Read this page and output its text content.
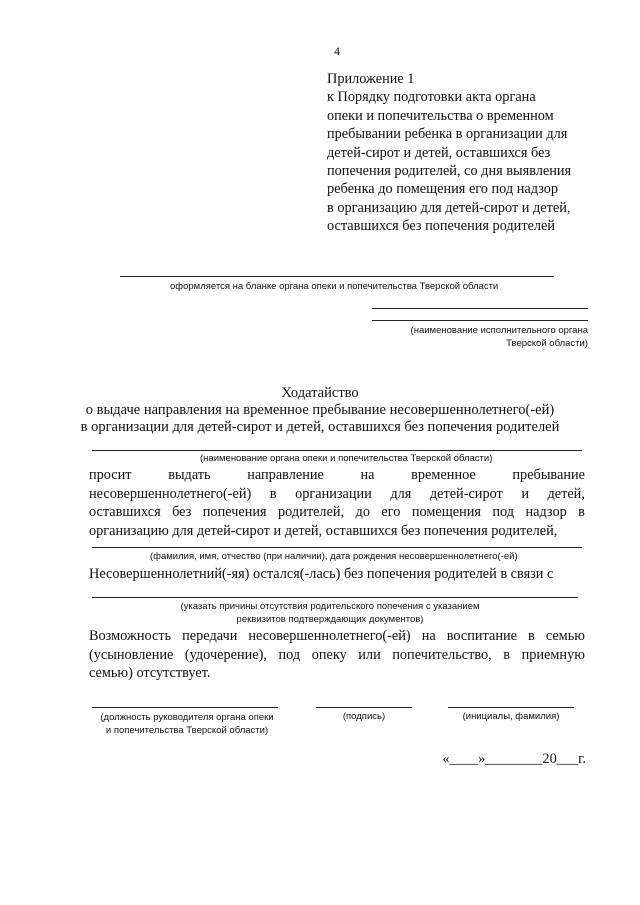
4
Приложение 1
к Порядку подготовки акта органа
опеки и попечительства о временном
пребывании ребенка в организации для
детей-сирот и детей, оставшихся без
попечения родителей, со дня выявления
ребенка до помещения его под надзор
в организацию для детей-сирот и детей,
оставшихся без попечения родителей
оформляется на бланке органа опеки и попечительства Тверской области
(наименование исполнительного органа
Тверской области)
Ходатайство
о выдаче направления на временное пребывание несовершеннолетнего(-ей)
в организации для детей-сирот и детей, оставшихся без попечения родителей
(наименование органа опеки и попечительства Тверской области)
просит	выдать	направление	на	временное	пребывание
несовершеннолетнего(-ей) в организации для детей-сирот и детей,
оставшихся без попечения родителей, до его помещения под надзор в
организацию для детей-сирот и детей, оставшихся без попечения родителей,
(фамилия, имя, отчество (при наличии), дата рождения несовершеннолетнего(-ей)
Несовершеннолетний(-яя) остался(-лась) без попечения родителей в связи с
(указать причины отсутствия родительского попечения с указанием
реквизитов подтверждающих документов)
Возможность передачи несовершеннолетнего(-ей) на воспитание в семью
(усыновление (удочерение), под опеку или попечительство, в приемную
семью) отсутствует.
(должность руководителя органа опеки
и попечительства Тверской области)
(подпись)	(инициалы, фамилия)
«____»________20___г.
